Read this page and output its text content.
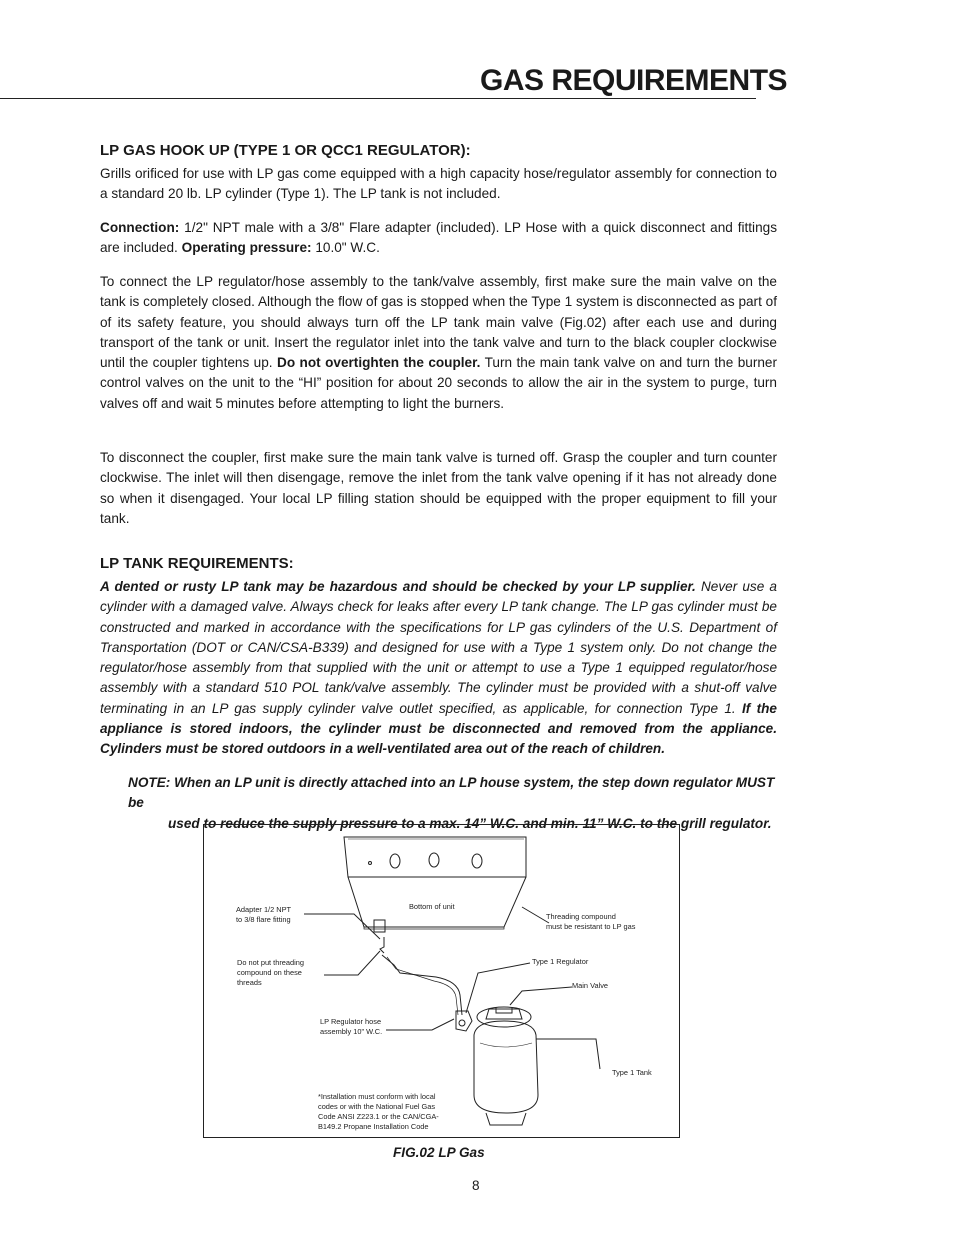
GAS REQUIREMENTS
LP GAS HOOK UP (TYPE 1 OR QCC1 REGULATOR):

Grills orificed for use with LP gas come equipped with a high capacity hose/regulator assembly for connection to a standard 20 lb. LP cylinder (Type 1). The LP tank is not included.

Connection: 1/2" NPT male with a 3/8" Flare adapter (included). LP Hose with a quick disconnect and fittings are included. Operating pressure: 10.0" W.C.

To connect the LP regulator/hose assembly to the tank/valve assembly, first make sure the main valve on the tank is completely closed. Although the flow of gas is stopped when the Type 1 system is disconnected as part of of its safety feature, you should always turn off the LP tank main valve (Fig.02) after each use and during transport of the tank or unit. Insert the regulator inlet into the tank valve and turn to the black coupler clockwise until the coupler tightens up. Do not overtighten the coupler. Turn the main tank valve on and turn the burner control valves on the unit to the “HI” position for about 20 seconds to allow the air in the system to purge, turn valves off and wait 5 minutes before attempting to light the burners.

To disconnect the coupler, first make sure the main tank valve is turned off. Grasp the coupler and turn counter clockwise. The inlet will then disengage, remove the inlet from the tank valve opening if it has not already done so when it disengaged. Your local LP filling station should be equipped with the proper equipment to fill your tank.

LP TANK REQUIREMENTS:

A dented or rusty LP tank may be hazardous and should be checked by your LP supplier. Never use a cylinder with a damaged valve. Always check for leaks after every LP tank change. The LP gas cylinder must be constructed and marked in accordance with the specifications for LP gas cylinders of the U.S. Department of Transportation (DOT or CAN/CSA-B339) and designed for use with a Type 1 system only. Do not change the regulator/hose assembly from that supplied with the unit or attempt to use a Type 1 equipped regulator/hose assembly with a standard 510 POL tank/valve assembly. The cylinder must be provided with a shut-off valve terminating in an LP gas supply cylinder valve outlet specified, as applicable, for connection Type 1. If the appliance is stored indoors, the cylinder must be disconnected and removed from the appliance. Cylinders must be stored outdoors in a well-ventilated area out of the reach of children.

NOTE: When an LP unit is directly attached into an LP house system, the step down regulator MUST be
used to reduce the supply pressure to a max. 14” W.C. and min. 11” W.C. to the grill regulator.
Adapter 1/2 NPT
to 3/8 flare fitting
Bottom of unit
Threading compound
must be resistant to LP gas
Do not put threading
compound on these
threads
Type 1 Regulator
Main Valve
LP Regulator hose
assembly 10" W.C.
Type 1 Tank
*Installation must conform with local
codes or with the National Fuel Gas
Code ANSI Z223.1 or the CAN/CGA-
B149.2 Propane Installation Code
FIG.02 LP Gas
8
